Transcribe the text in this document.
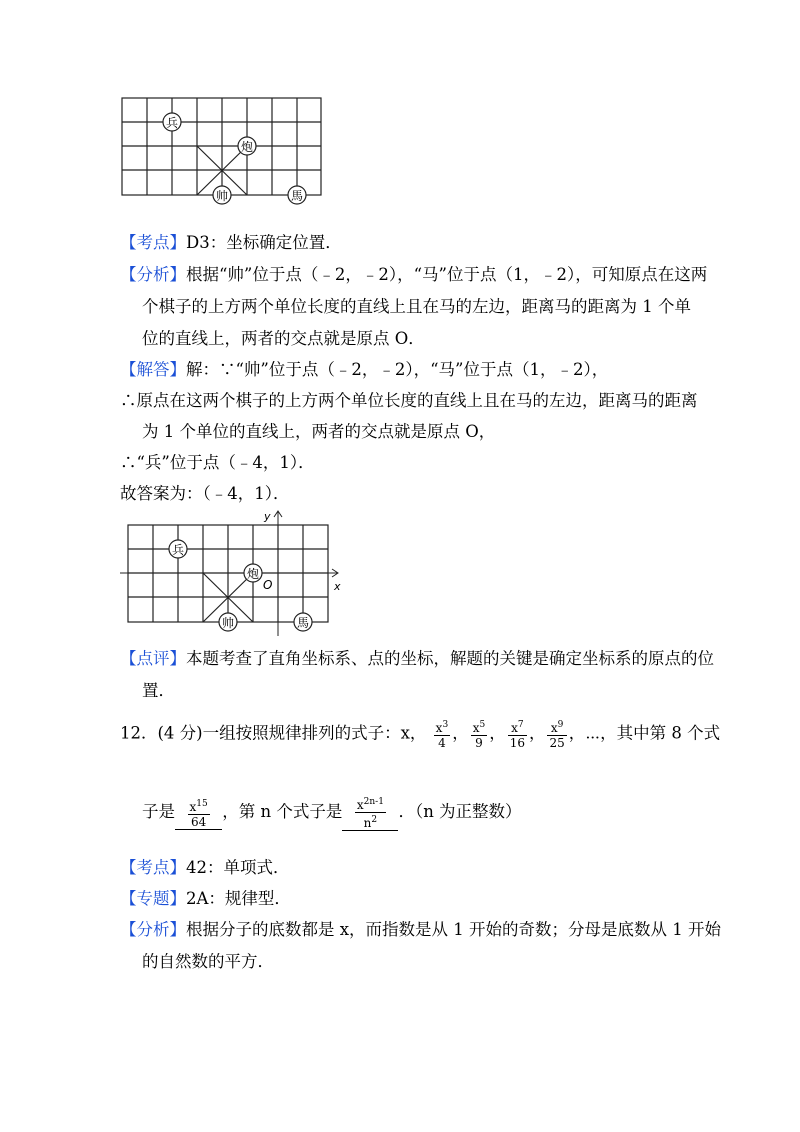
兵
炮
帅	馬
【考点】D3：坐标确定位置．
【分析】根据“帅”位于点（﹣2，﹣2），“马”位于点（1，﹣2），可知原点在这两
个棋子的上方两个单位长度的直线上且在马的左边，距离马的距离为 1 个单
位的直线上，两者的交点就是原点 O．
【解答】解：∵“帅”位于点（﹣2，﹣2），“马”位于点（1，﹣2），
∴原点在这两个棋子的上方两个单位长度的直线上且在马的左边，距离马的距离
为 1 个单位的直线上，两者的交点就是原点 O，
∴“兵”位于点（﹣4，1）．
故答案为：（﹣4，1）．
x
y
O
兵
炮
帅	馬
【点评】本题考查了直角坐标系、点的坐标，解题的关键是确定坐标系的原点的位
置．
12．(4 分)一组按照规律排列的式子：x， $\frac{x^3}{4}$ ， $\frac{x^5}{9}$ ， $\frac{x^7}{16}$ ， $\frac{x^9}{25}$ ，⋯，其中第 8 个式
子是 $\frac{x^{15}}{64}$ ，第 n 个式子是 $\frac{x^{2n-1}}{n^2}$ ．（n 为正整数）
【考点】42：单项式．
【专题】2A：规律型．
【分析】根据分子的底数都是 x，而指数是从 1 开始的奇数；分母是底数从 1 开始
的自然数的平方．
